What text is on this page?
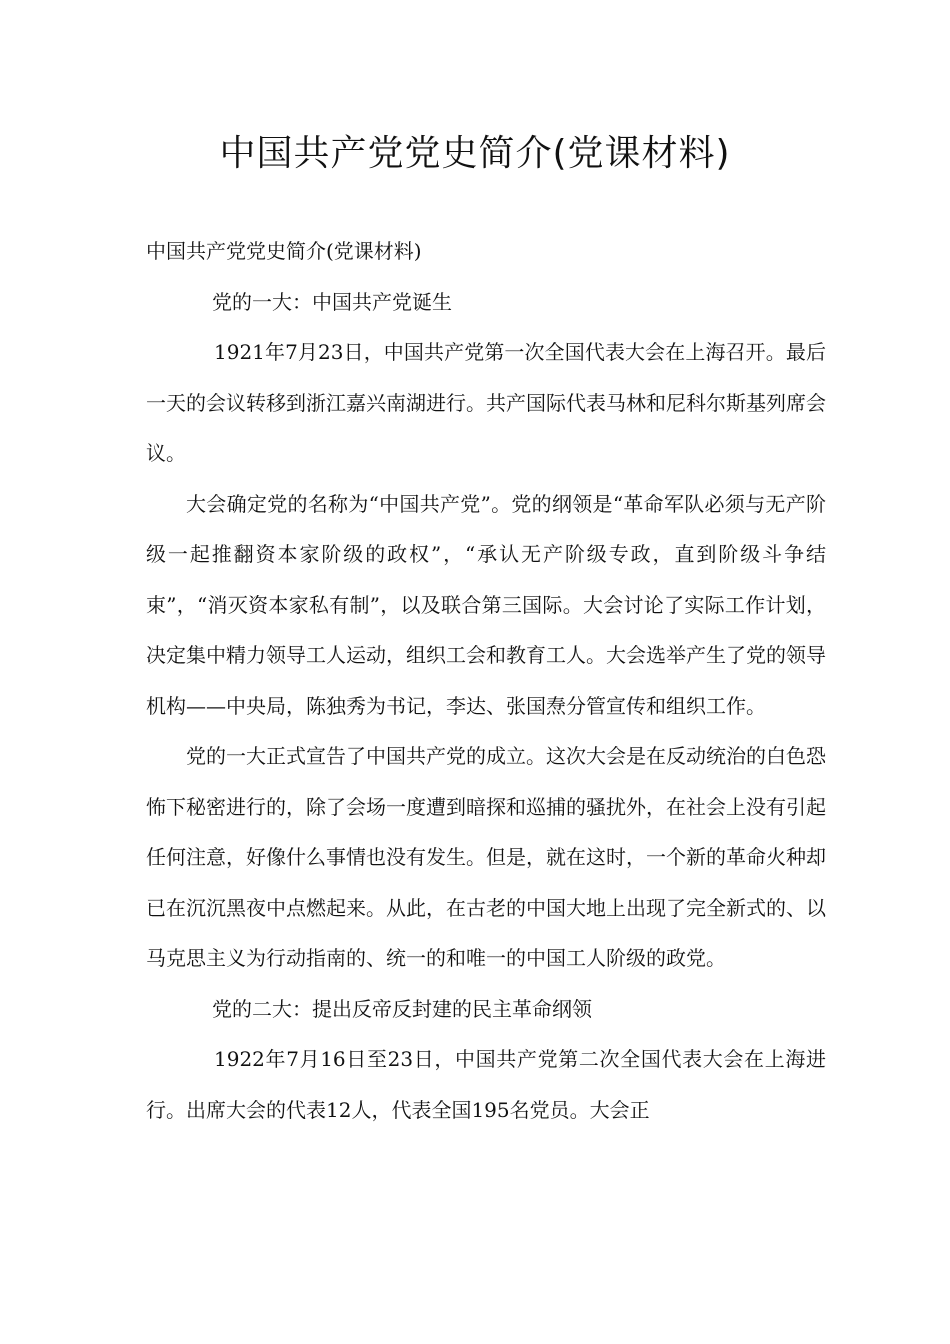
中国共产党党史简介(党课材料)

中国共产党党史简介(党课材料)

党的一大：中国共产党诞生

1921年7月23日，中国共产党第一次全国代表大会在上海召开。最后一天的会议转移到浙江嘉兴南湖进行。共产国际代表马林和尼科尔斯基列席会议。

大会确定党的名称为“中国共产党”。党的纲领是“革命军队必须与无产阶级一起推翻资本家阶级的政权”，“承认无产阶级专政，直到阶级斗争结束”，“消灭资本家私有制”，以及联合第三国际。大会讨论了实际工作计划，决定集中精力领导工人运动，组织工会和教育工人。大会选举产生了党的领导机构——中央局，陈独秀为书记，李达、张国焘分管宣传和组织工作。

党的一大正式宣告了中国共产党的成立。这次大会是在反动统治的白色恐怖下秘密进行的，除了会场一度遭到暗探和巡捕的骚扰外，在社会上没有引起任何注意，好像什么事情也没有发生。但是，就在这时，一个新的革命火种却已在沉沉黑夜中点燃起来。从此，在古老的中国大地上出现了完全新式的、以马克思主义为行动指南的、统一的和唯一的中国工人阶级的政党。

党的二大：提出反帝反封建的民主革命纲领

1922年7月16日至23日，中国共产党第二次全国代表大会在上海进行。出席大会的代表12人，代表全国195名党员。大会正
